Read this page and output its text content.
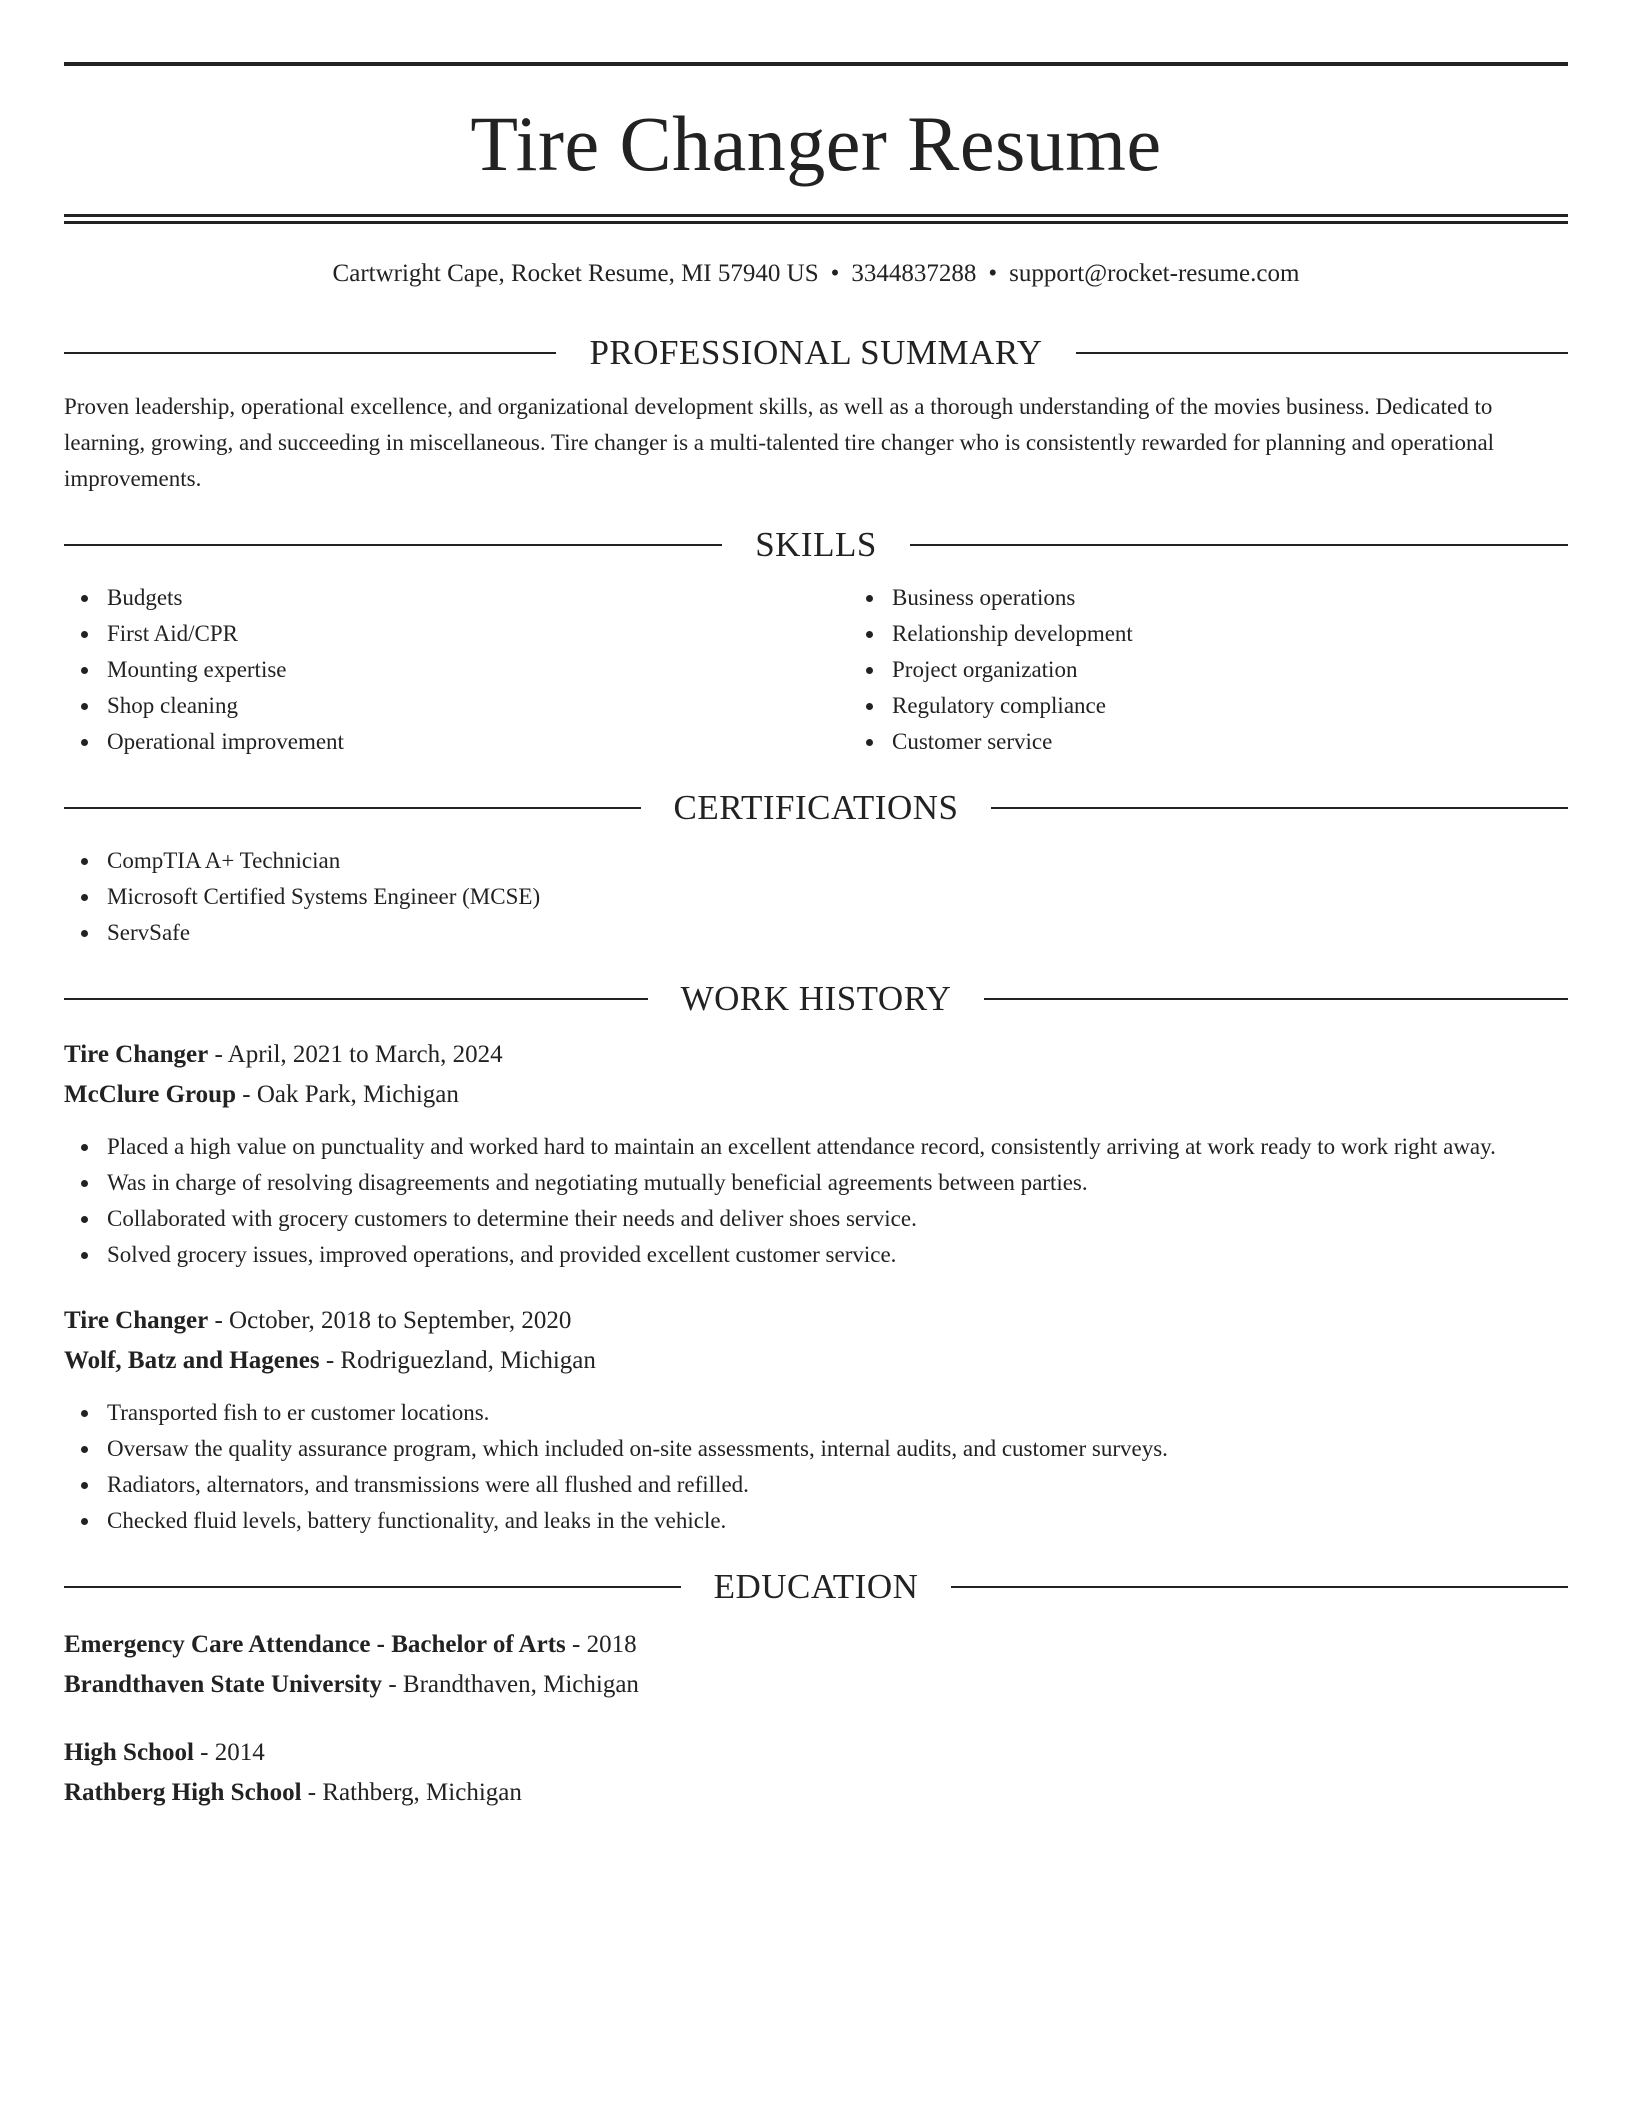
Tire Changer Resume
Cartwright Cape, Rocket Resume, MI 57940 US • 3344837288 • support@rocket-resume.com
PROFESSIONAL SUMMARY

Proven leadership, operational excellence, and organizational development skills, as well as a thorough understanding of the movies business. Dedicated to learning, growing, and succeeding in miscellaneous. Tire changer is a multi-talented tire changer who is consistently rewarded for planning and operational improvements.

SKILLS
Budgets
First Aid/CPR
Mounting expertise
Shop cleaning
Operational improvement
Business operations
Relationship development
Project organization
Regulatory compliance
Customer service
CERTIFICATIONS
CompTIA A+ Technician
Microsoft Certified Systems Engineer (MCSE)
ServSafe
WORK HISTORY
Tire Changer - April, 2021 to March, 2024
McClure Group - Oak Park, Michigan
Placed a high value on punctuality and worked hard to maintain an excellent attendance record, consistently arriving at work ready to work right away.
Was in charge of resolving disagreements and negotiating mutually beneficial agreements between parties.
Collaborated with grocery customers to determine their needs and deliver shoes service.
Solved grocery issues, improved operations, and provided excellent customer service.
Tire Changer - October, 2018 to September, 2020
Wolf, Batz and Hagenes - Rodriguezland, Michigan
Transported fish to er customer locations.
Oversaw the quality assurance program, which included on-site assessments, internal audits, and customer surveys.
Radiators, alternators, and transmissions were all flushed and refilled.
Checked fluid levels, battery functionality, and leaks in the vehicle.
EDUCATION
Emergency Care Attendance - Bachelor of Arts - 2018
Brandthaven State University - Brandthaven, Michigan
High School - 2014
Rathberg High School - Rathberg, Michigan
